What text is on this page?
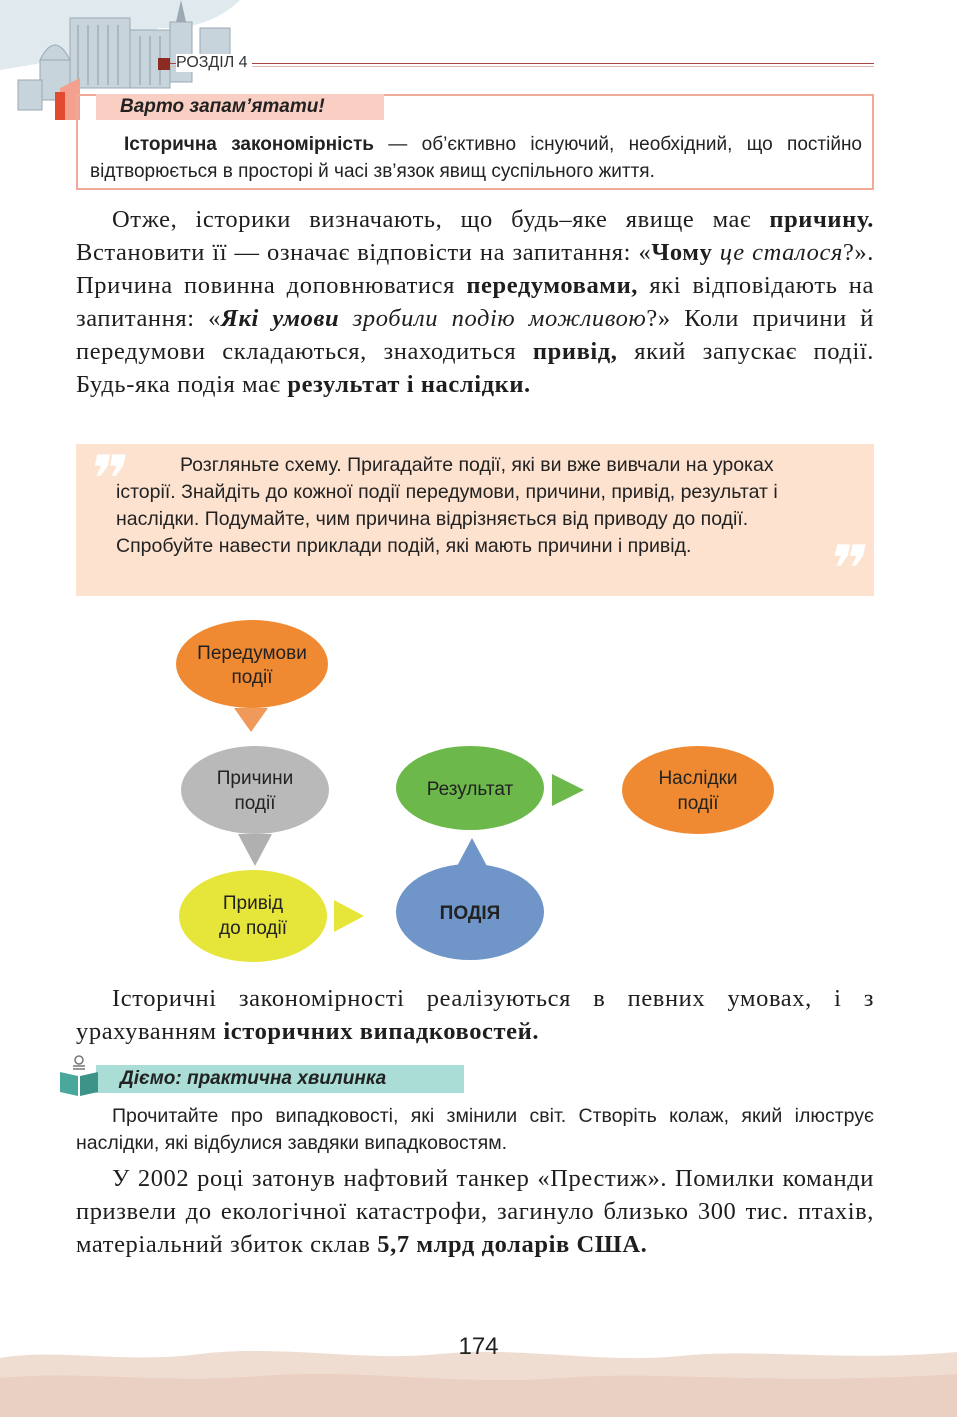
РОЗДІЛ 4
Варто запам’ятати!
Історична закономірність — об’єктивно існуючий, необхідний, що постійно відтворюється в просторі й часі зв’язок явищ суспільного життя.
Отже, історики визначають, що будь–яке явище має причину. Встановити її — означає відповісти на запитання: «Чому це сталося?». Причина повинна доповнюватися передумовами, які відповідають на запитання: «Які умови зробили подію можливою?» Коли причини й передумови складаються, знаходиться привід, який запускає події. Будь-яка подія має результат і наслідки.
❞	Розгляньте схему. Пригадайте події, які ви вже вивчали на уроках історії. Знайдіть до кожної події передумови, причини, привід, результат і наслідки. Подумайте, чим причина відрізняється від приводу до події. Спробуйте навести приклади подій, які мають причини і привід.	❞
Передумови
події
Причини
події
Привід
до події
ПОДІЯ
Результат
Наслідки
події
Історичні закономірності реалізуються в певних умовах, і з урахуванням історичних випадковостей.
Діємо: практична хвилинка
Прочитайте про випадковості, які змінили світ. Створіть колаж, який ілюструє наслідки, які відбулися завдяки випадковостям.
У 2002 році затонув нафтовий танкер «Престиж». Помилки команди призвели до екологічної катастрофи, загинуло близько 300 тис. птахів, матеріальний збиток склав 5,7 млрд доларів США.
174
